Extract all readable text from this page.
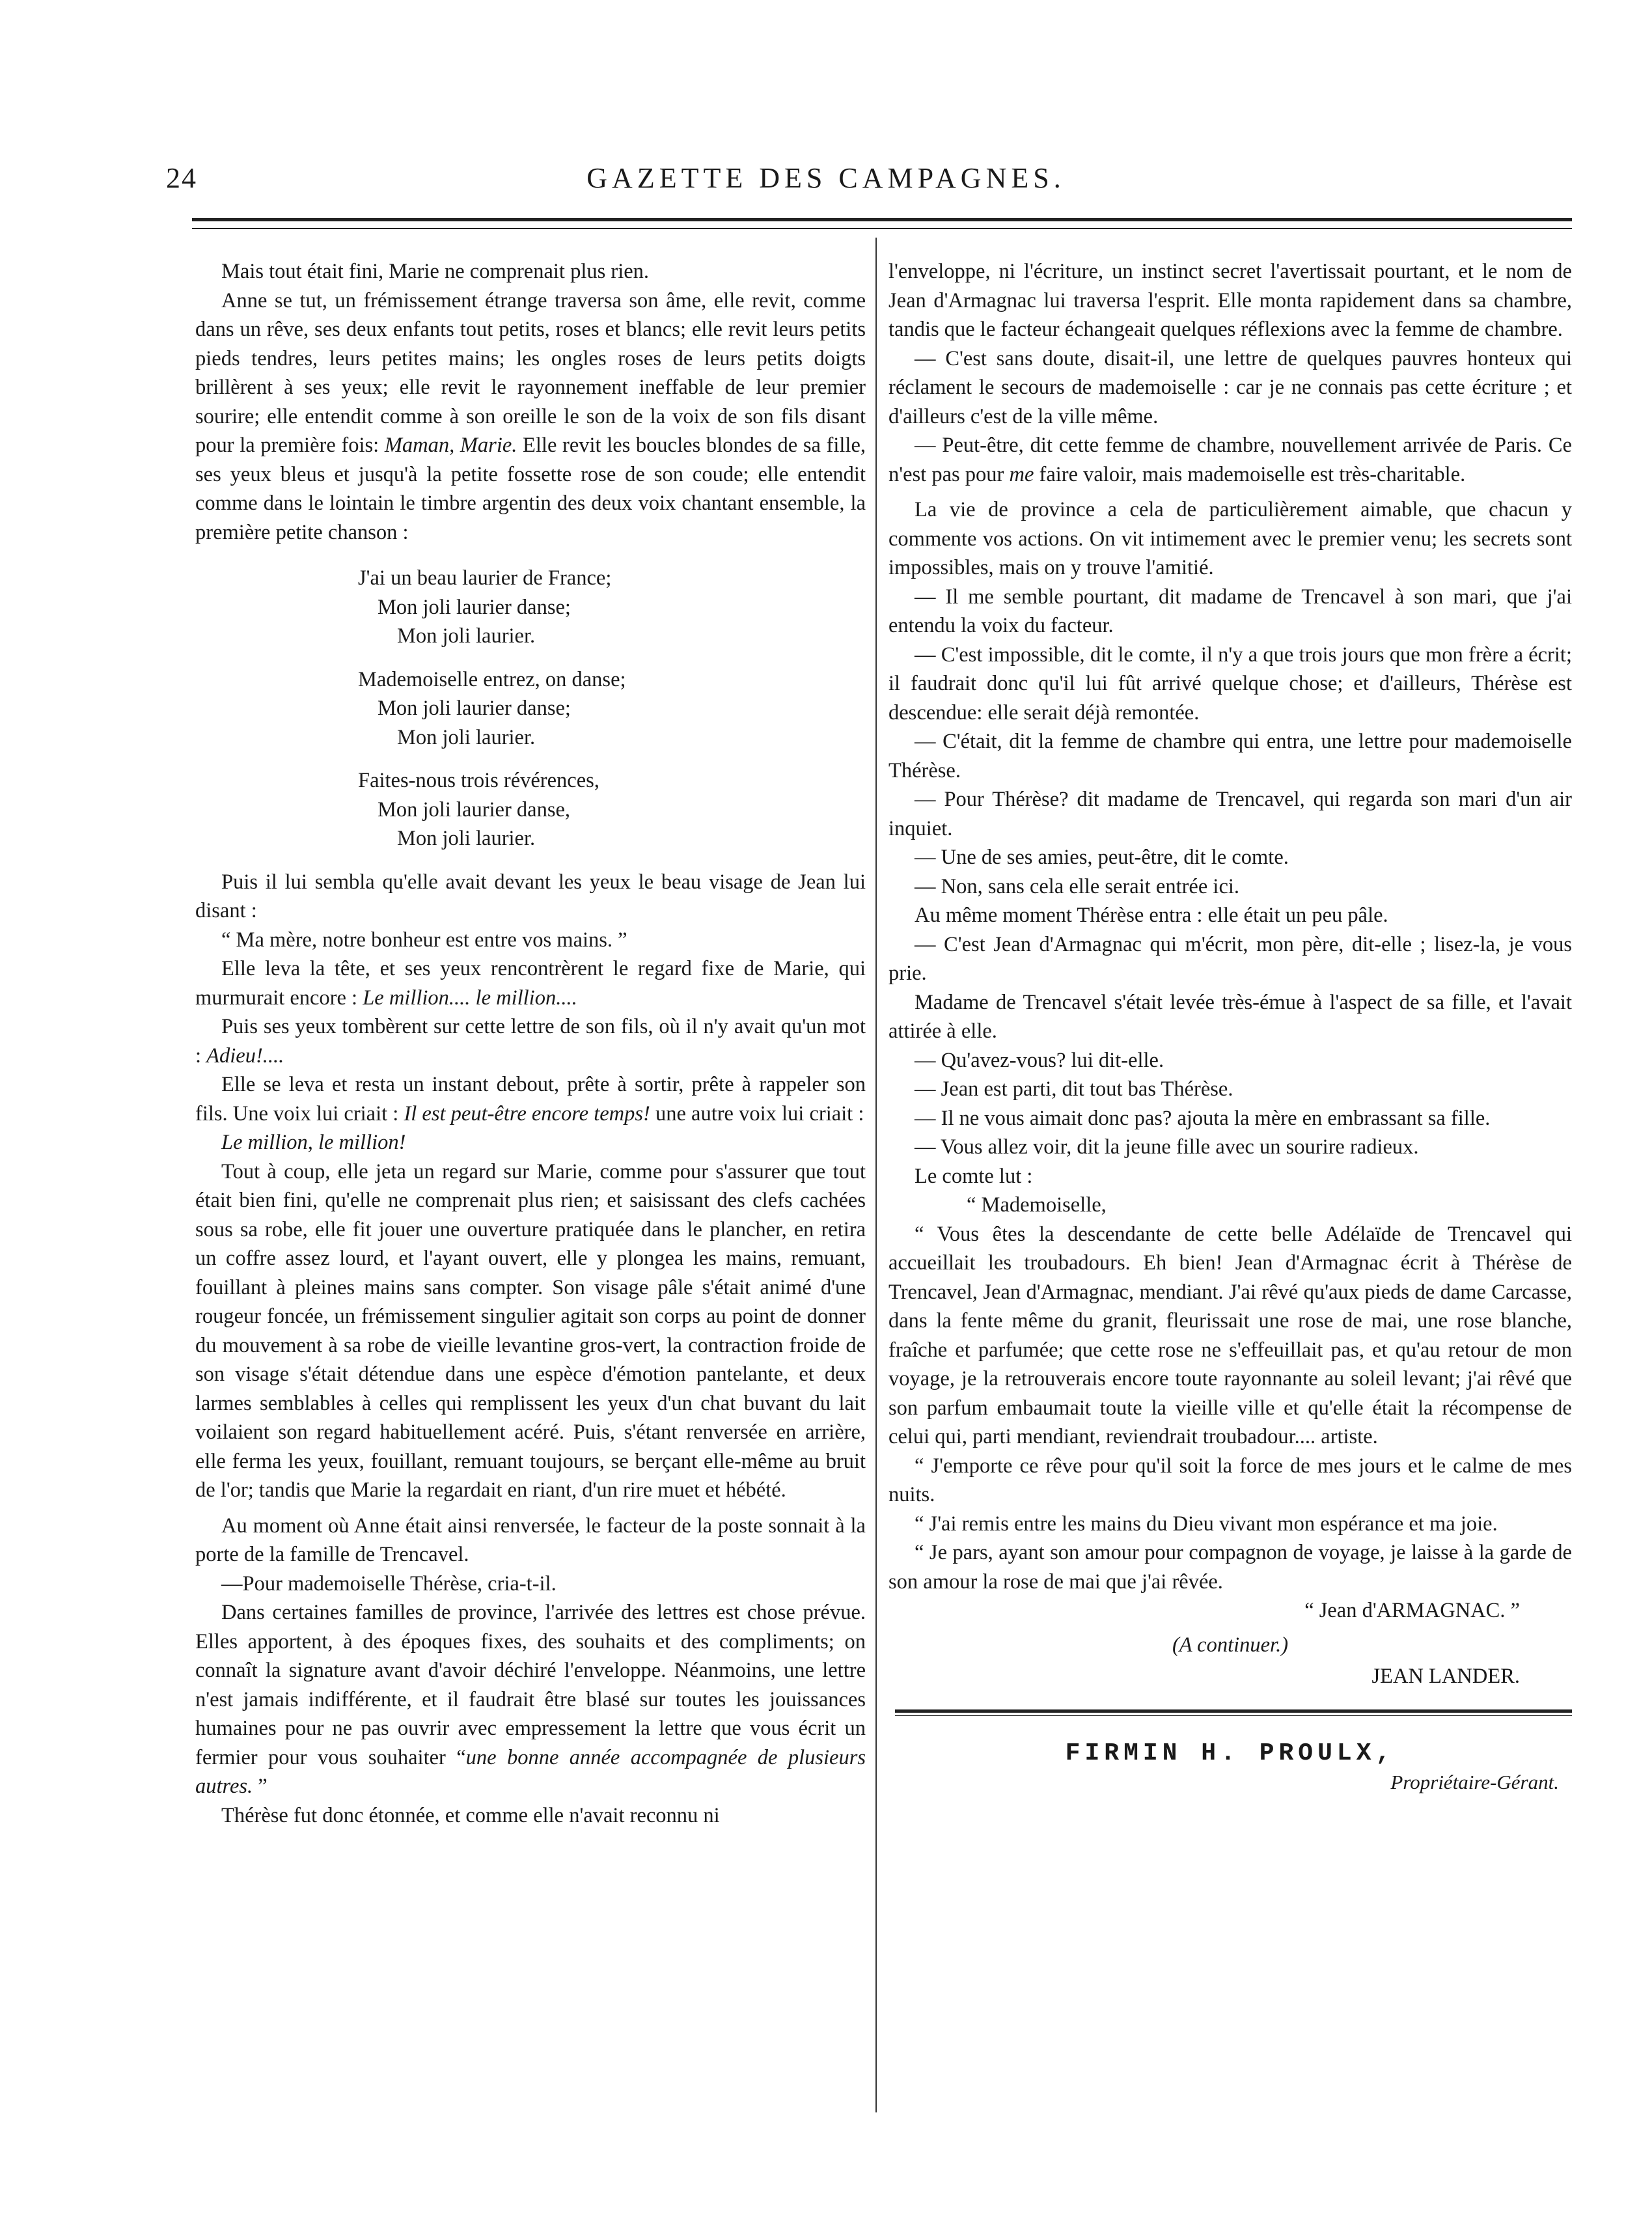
24	GAZETTE DES CAMPAGNES.

Mais tout était fini, Marie ne comprenait plus rien.

Anne se tut, un frémissement étrange traversa son âme, elle revit, comme dans un rêve, ses deux enfants tout petits, roses et blancs; elle revit leurs petits pieds tendres, leurs petites mains; les ongles roses de leurs petits doigts brillèrent à ses yeux; elle revit le rayonnement ineffable de leur premier sourire; elle entendit comme à son oreille le son de la voix de son fils disant pour la première fois: Maman, Marie. Elle revit les boucles blondes de sa fille, ses yeux bleus et jusqu'à la petite fossette rose de son coude; elle entendit comme dans le lointain le timbre argentin des deux voix chantant ensemble, la première petite chanson :

J'ai un beau laurier de France;
Mon joli laurier danse;
Mon joli laurier.
Mademoiselle entrez, on danse;
Mon joli laurier danse;
Mon joli laurier.
Faites-nous trois révérences,
Mon joli laurier danse,
Mon joli laurier.

Puis il lui sembla qu'elle avait devant les yeux le beau visage de Jean lui disant :

“ Ma mère, notre bonheur est entre vos mains. ”

Elle leva la tête, et ses yeux rencontrèrent le regard fixe de Marie, qui murmurait encore : Le million.... le million....

Puis ses yeux tombèrent sur cette lettre de son fils, où il n'y avait qu'un mot : Adieu!....

Elle se leva et resta un instant debout, prête à sortir, prête à rappeler son fils. Une voix lui criait : Il est peut-être encore temps! une autre voix lui criait :

Le million, le million!

Tout à coup, elle jeta un regard sur Marie, comme pour s'assurer que tout était bien fini, qu'elle ne comprenait plus rien; et saisissant des clefs cachées sous sa robe, elle fit jouer une ouverture pratiquée dans le plancher, en retira un coffre assez lourd, et l'ayant ouvert, elle y plongea les mains, remuant, fouillant à pleines mains sans compter. Son visage pâle s'était animé d'une rougeur foncée, un frémissement singulier agitait son corps au point de donner du mouvement à sa robe de vieille levantine gros-vert, la contraction froide de son visage s'était détendue dans une espèce d'émotion pantelante, et deux larmes semblables à celles qui remplissent les yeux d'un chat buvant du lait voilaient son regard habituellement acéré. Puis, s'étant renversée en arrière, elle ferma les yeux, fouillant, remuant toujours, se berçant elle-même au bruit de l'or; tandis que Marie la regardait en riant, d'un rire muet et hébété.

Au moment où Anne était ainsi renversée, le facteur de la poste sonnait à la porte de la famille de Trencavel.

—Pour mademoiselle Thérèse, cria-t-il.

Dans certaines familles de province, l'arrivée des lettres est chose prévue. Elles apportent, à des époques fixes, des souhaits et des compliments; on connaît la signature avant d'avoir déchiré l'enveloppe. Néanmoins, une lettre n'est jamais indifférente, et il faudrait être blasé sur toutes les jouissances humaines pour ne pas ouvrir avec empressement la lettre que vous écrit un fermier pour vous souhaiter “une bonne année accompagnée de plusieurs autres. ”

Thérèse fut donc étonnée, et comme elle n'avait reconnu ni

l'enveloppe, ni l'écriture, un instinct secret l'avertissait pourtant, et le nom de Jean d'Armagnac lui traversa l'esprit. Elle monta rapidement dans sa chambre, tandis que le facteur échangeait quelques réflexions avec la femme de chambre.

— C'est sans doute, disait-il, une lettre de quelques pauvres honteux qui réclament le secours de mademoiselle : car je ne connais pas cette écriture ; et d'ailleurs c'est de la ville même.

— Peut-être, dit cette femme de chambre, nouvellement arrivée de Paris. Ce n'est pas pour me faire valoir, mais mademoiselle est très-charitable.

La vie de province a cela de particulièrement aimable, que chacun y commente vos actions. On vit intimement avec le premier venu; les secrets sont impossibles, mais on y trouve l'amitié.

— Il me semble pourtant, dit madame de Trencavel à son mari, que j'ai entendu la voix du facteur.

— C'est impossible, dit le comte, il n'y a que trois jours que mon frère a écrit; il faudrait donc qu'il lui fût arrivé quelque chose; et d'ailleurs, Thérèse est descendue: elle serait déjà remontée.

— C'était, dit la femme de chambre qui entra, une lettre pour mademoiselle Thérèse.

— Pour Thérèse? dit madame de Trencavel, qui regarda son mari d'un air inquiet.

— Une de ses amies, peut-être, dit le comte.

— Non, sans cela elle serait entrée ici.

Au même moment Thérèse entra : elle était un peu pâle.

— C'est Jean d'Armagnac qui m'écrit, mon père, dit-elle ; lisez-la, je vous prie.

Madame de Trencavel s'était levée très-émue à l'aspect de sa fille, et l'avait attirée à elle.

— Qu'avez-vous? lui dit-elle.

— Jean est parti, dit tout bas Thérèse.

— Il ne vous aimait donc pas? ajouta la mère en embrassant sa fille.

— Vous allez voir, dit la jeune fille avec un sourire radieux.

Le comte lut :

“ Mademoiselle,

“ Vous êtes la descendante de cette belle Adélaïde de Trencavel qui accueillait les troubadours. Eh bien! Jean d'Armagnac écrit à Thérèse de Trencavel, Jean d'Armagnac, mendiant. J'ai rêvé qu'aux pieds de dame Carcasse, dans la fente même du granit, fleurissait une rose de mai, une rose blanche, fraîche et parfumée; que cette rose ne s'effeuillait pas, et qu'au retour de mon voyage, je la retrouverais encore toute rayonnante au soleil levant; j'ai rêvé que son parfum embaumait toute la vieille ville et qu'elle était la récompense de celui qui, parti mendiant, reviendrait troubadour.... artiste.

“ J'emporte ce rêve pour qu'il soit la force de mes jours et le calme de mes nuits.

“ J'ai remis entre les mains du Dieu vivant mon espérance et ma joie.

“ Je pars, ayant son amour pour compagnon de voyage, je laisse à la garde de son amour la rose de mai que j'ai rêvée.

“ Jean d'ARMAGNAC. ”
(A continuer.)
JEAN LANDER.
FIRMIN H. PROULX,
Propriétaire-Gérant.
